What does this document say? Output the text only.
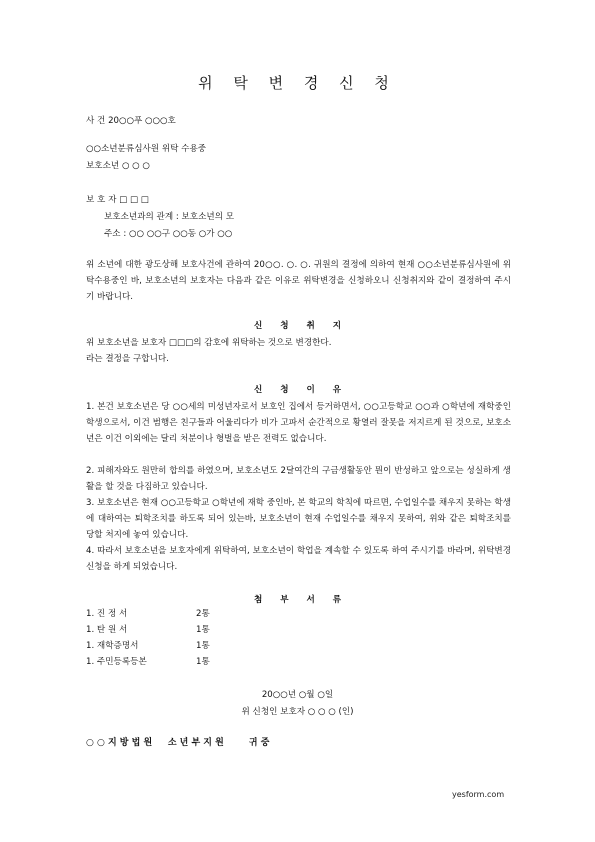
위 탁 변 경 신 청
사 건 20○○푸 ○○○호
○○소년분류심사원 위탁 수용중
보호소년 ○ ○ ○
보 호 자 □ □ □
보호소년과의 관계 : 보호소년의 모
주소 : ○○ ○○구 ○○동 ○가 ○○
위 소년에 대한 광도상해 보호사건에 관하여 20○○. ○. ○. 귀원의 결정에 의하여 현재 ○○소년분류심사원에 위탁수용중인 바, 보호소년의 보호자는 다음과 같은 이유로 위탁변경을 신청하오니 신청취지와 같이 결정하여 주시기 바랍니다.
신      청      취      지
위 보호소년을 보호자 □□□의 감호에 위탁하는 것으로 변경한다.
라는 결정을 구합니다.
신      청      이      유
1. 본건 보호소년은 당 ○○세의 미성년자로서 보호인 집에서 등거하면서, ○○고등학교 ○○과 ○학년에 재학중인 학생으로서, 이건 범행은 친구들과 어울리다가 비가 고파서 순간적으로 황열러 잘못을 저지르게 된 것으로, 보호소년은 이건 이외에는 달리 처분이나 형벌을 받은 전력도 없습니다.
2. 피해자와도 원만히 합의를 하였으며, 보호소년도 2달여간의 구금생활동안 뭔이 반성하고 앞으로는 성실하게 생활을 할 것을 다짐하고 있습니다.
3. 보호소년은 현재 ○○고등학교 ○학년에 재학 중인바, 본 학교의 학칙에 따르면, 수업일수를 채우지 못하는 학생에 대하여는 퇴학조치를 하도록 되어 있는바, 보호소년이 현재 수업일수를 채우지 못하여, 위와 같은 퇴학조치를 당할 처지에 놓여 있습니다.
4. 따라서 보호소년을 보호자에게 위탁하여, 보호소년이 학업을 계속할 수 있도록 하여 주시기를 바라며, 위탁변경신청을 하게 되었습니다.
첨      부      서      류
1. 진 정 서	2통
1. 탄 원 서	1통
1. 재학증명서	1통
1. 주민등록등본	1통
20○○년 ○월 ○일
위 신청인 보호자 ○ ○ ○ (인)
○ ○ 지 방 법 원     소 년 부 지 원        귀 중
yesform.com
